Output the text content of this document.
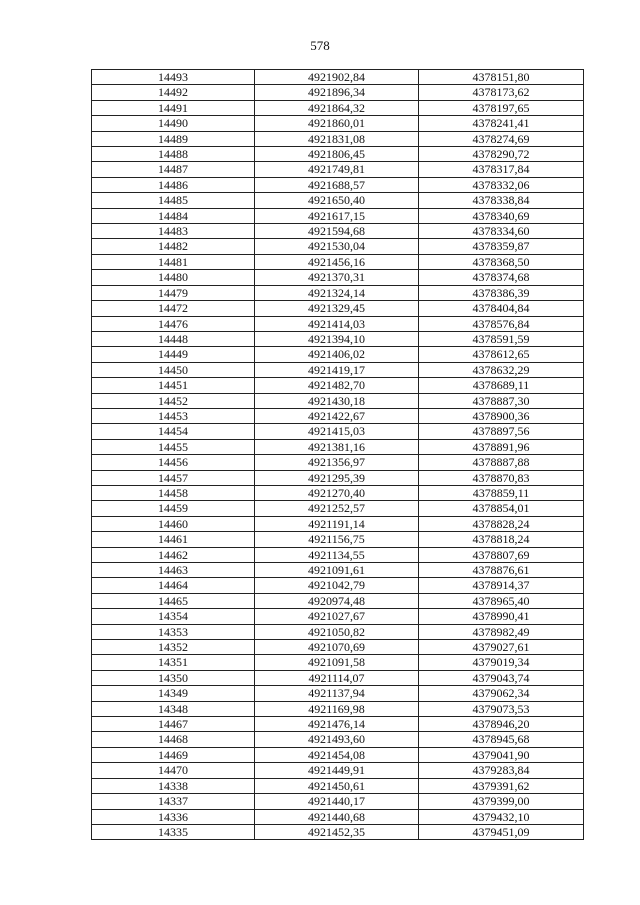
578
14493	4921902,84	4378151,80
14492	4921896,34	4378173,62
14491	4921864,32	4378197,65
14490	4921860,01	4378241,41
14489	4921831,08	4378274,69
14488	4921806,45	4378290,72
14487	4921749,81	4378317,84
14486	4921688,57	4378332,06
14485	4921650,40	4378338,84
14484	4921617,15	4378340,69
14483	4921594,68	4378334,60
14482	4921530,04	4378359,87
14481	4921456,16	4378368,50
14480	4921370,31	4378374,68
14479	4921324,14	4378386,39
14472	4921329,45	4378404,84
14476	4921414,03	4378576,84
14448	4921394,10	4378591,59
14449	4921406,02	4378612,65
14450	4921419,17	4378632,29
14451	4921482,70	4378689,11
14452	4921430,18	4378887,30
14453	4921422,67	4378900,36
14454	4921415,03	4378897,56
14455	4921381,16	4378891,96
14456	4921356,97	4378887,88
14457	4921295,39	4378870,83
14458	4921270,40	4378859,11
14459	4921252,57	4378854,01
14460	4921191,14	4378828,24
14461	4921156,75	4378818,24
14462	4921134,55	4378807,69
14463	4921091,61	4378876,61
14464	4921042,79	4378914,37
14465	4920974,48	4378965,40
14354	4921027,67	4378990,41
14353	4921050,82	4378982,49
14352	4921070,69	4379027,61
14351	4921091,58	4379019,34
14350	4921114,07	4379043,74
14349	4921137,94	4379062,34
14348	4921169,98	4379073,53
14467	4921476,14	4378946,20
14468	4921493,60	4378945,68
14469	4921454,08	4379041,90
14470	4921449,91	4379283,84
14338	4921450,61	4379391,62
14337	4921440,17	4379399,00
14336	4921440,68	4379432,10
14335	4921452,35	4379451,09
